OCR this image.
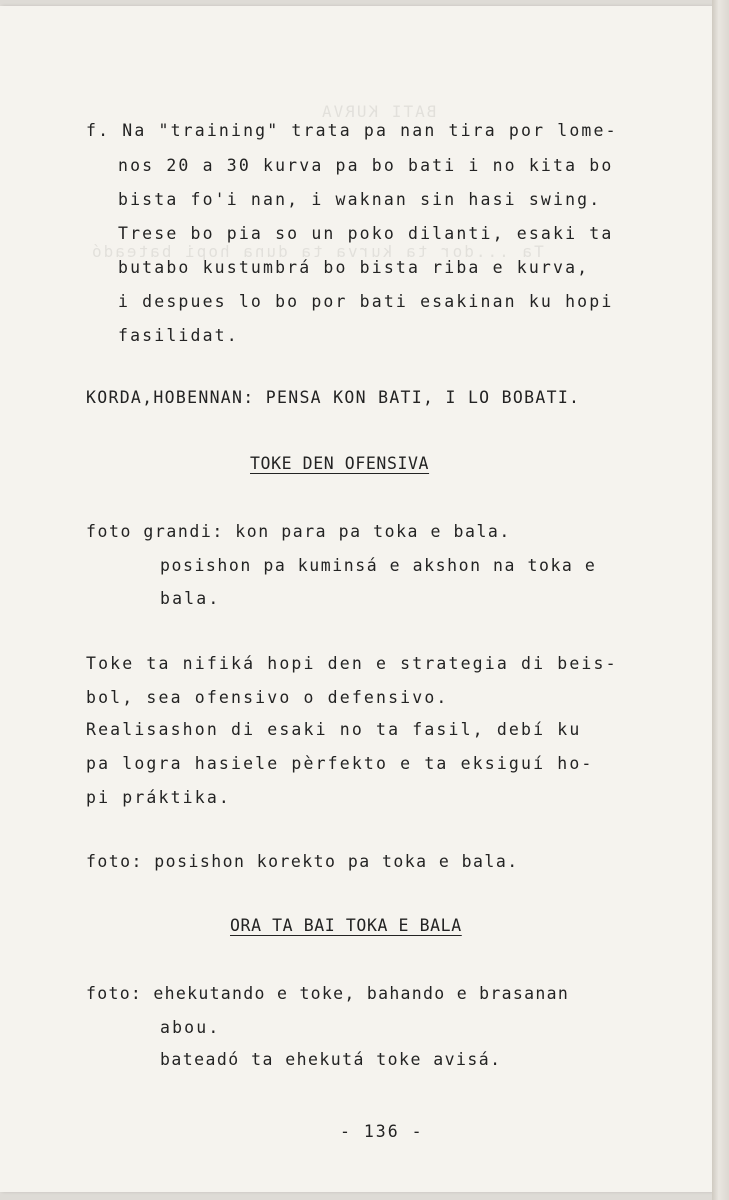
BATI KURVA
Ta ...dor ta kurva ta duna hopi bateadó
f. Na "training" trata pa nan tira por lome-
nos 20 a 30 kurva pa bo bati i no kita bo
bista fo'i nan, i waknan sin hasi swing.
Trese bo pia so un poko dilanti, esaki ta
butabo kustumbrá bo bista riba e kurva,
i despues lo bo por bati esakinan ku hopi
fasilidat.
KORDA,HOBENNAN: PENSA KON BATI, I LO BOBATI.
TOKE DEN OFENSIVA
foto grandi: kon para pa toka e bala.
posishon pa kuminsá e akshon na toka e
bala.
Toke ta nifiká hopi den e strategia di beis-
bol, sea ofensivo o defensivo.
Realisashon di esaki no ta fasil, debí ku
pa logra hasiele pèrfekto e ta eksiguí ho-
pi práktika.
foto: posishon korekto pa toka e bala.
ORA TA BAI TOKA E BALA
foto: ehekutando e toke, bahando e brasanan
abou.
bateadó ta ehekutá toke avisá.
- 136 -
